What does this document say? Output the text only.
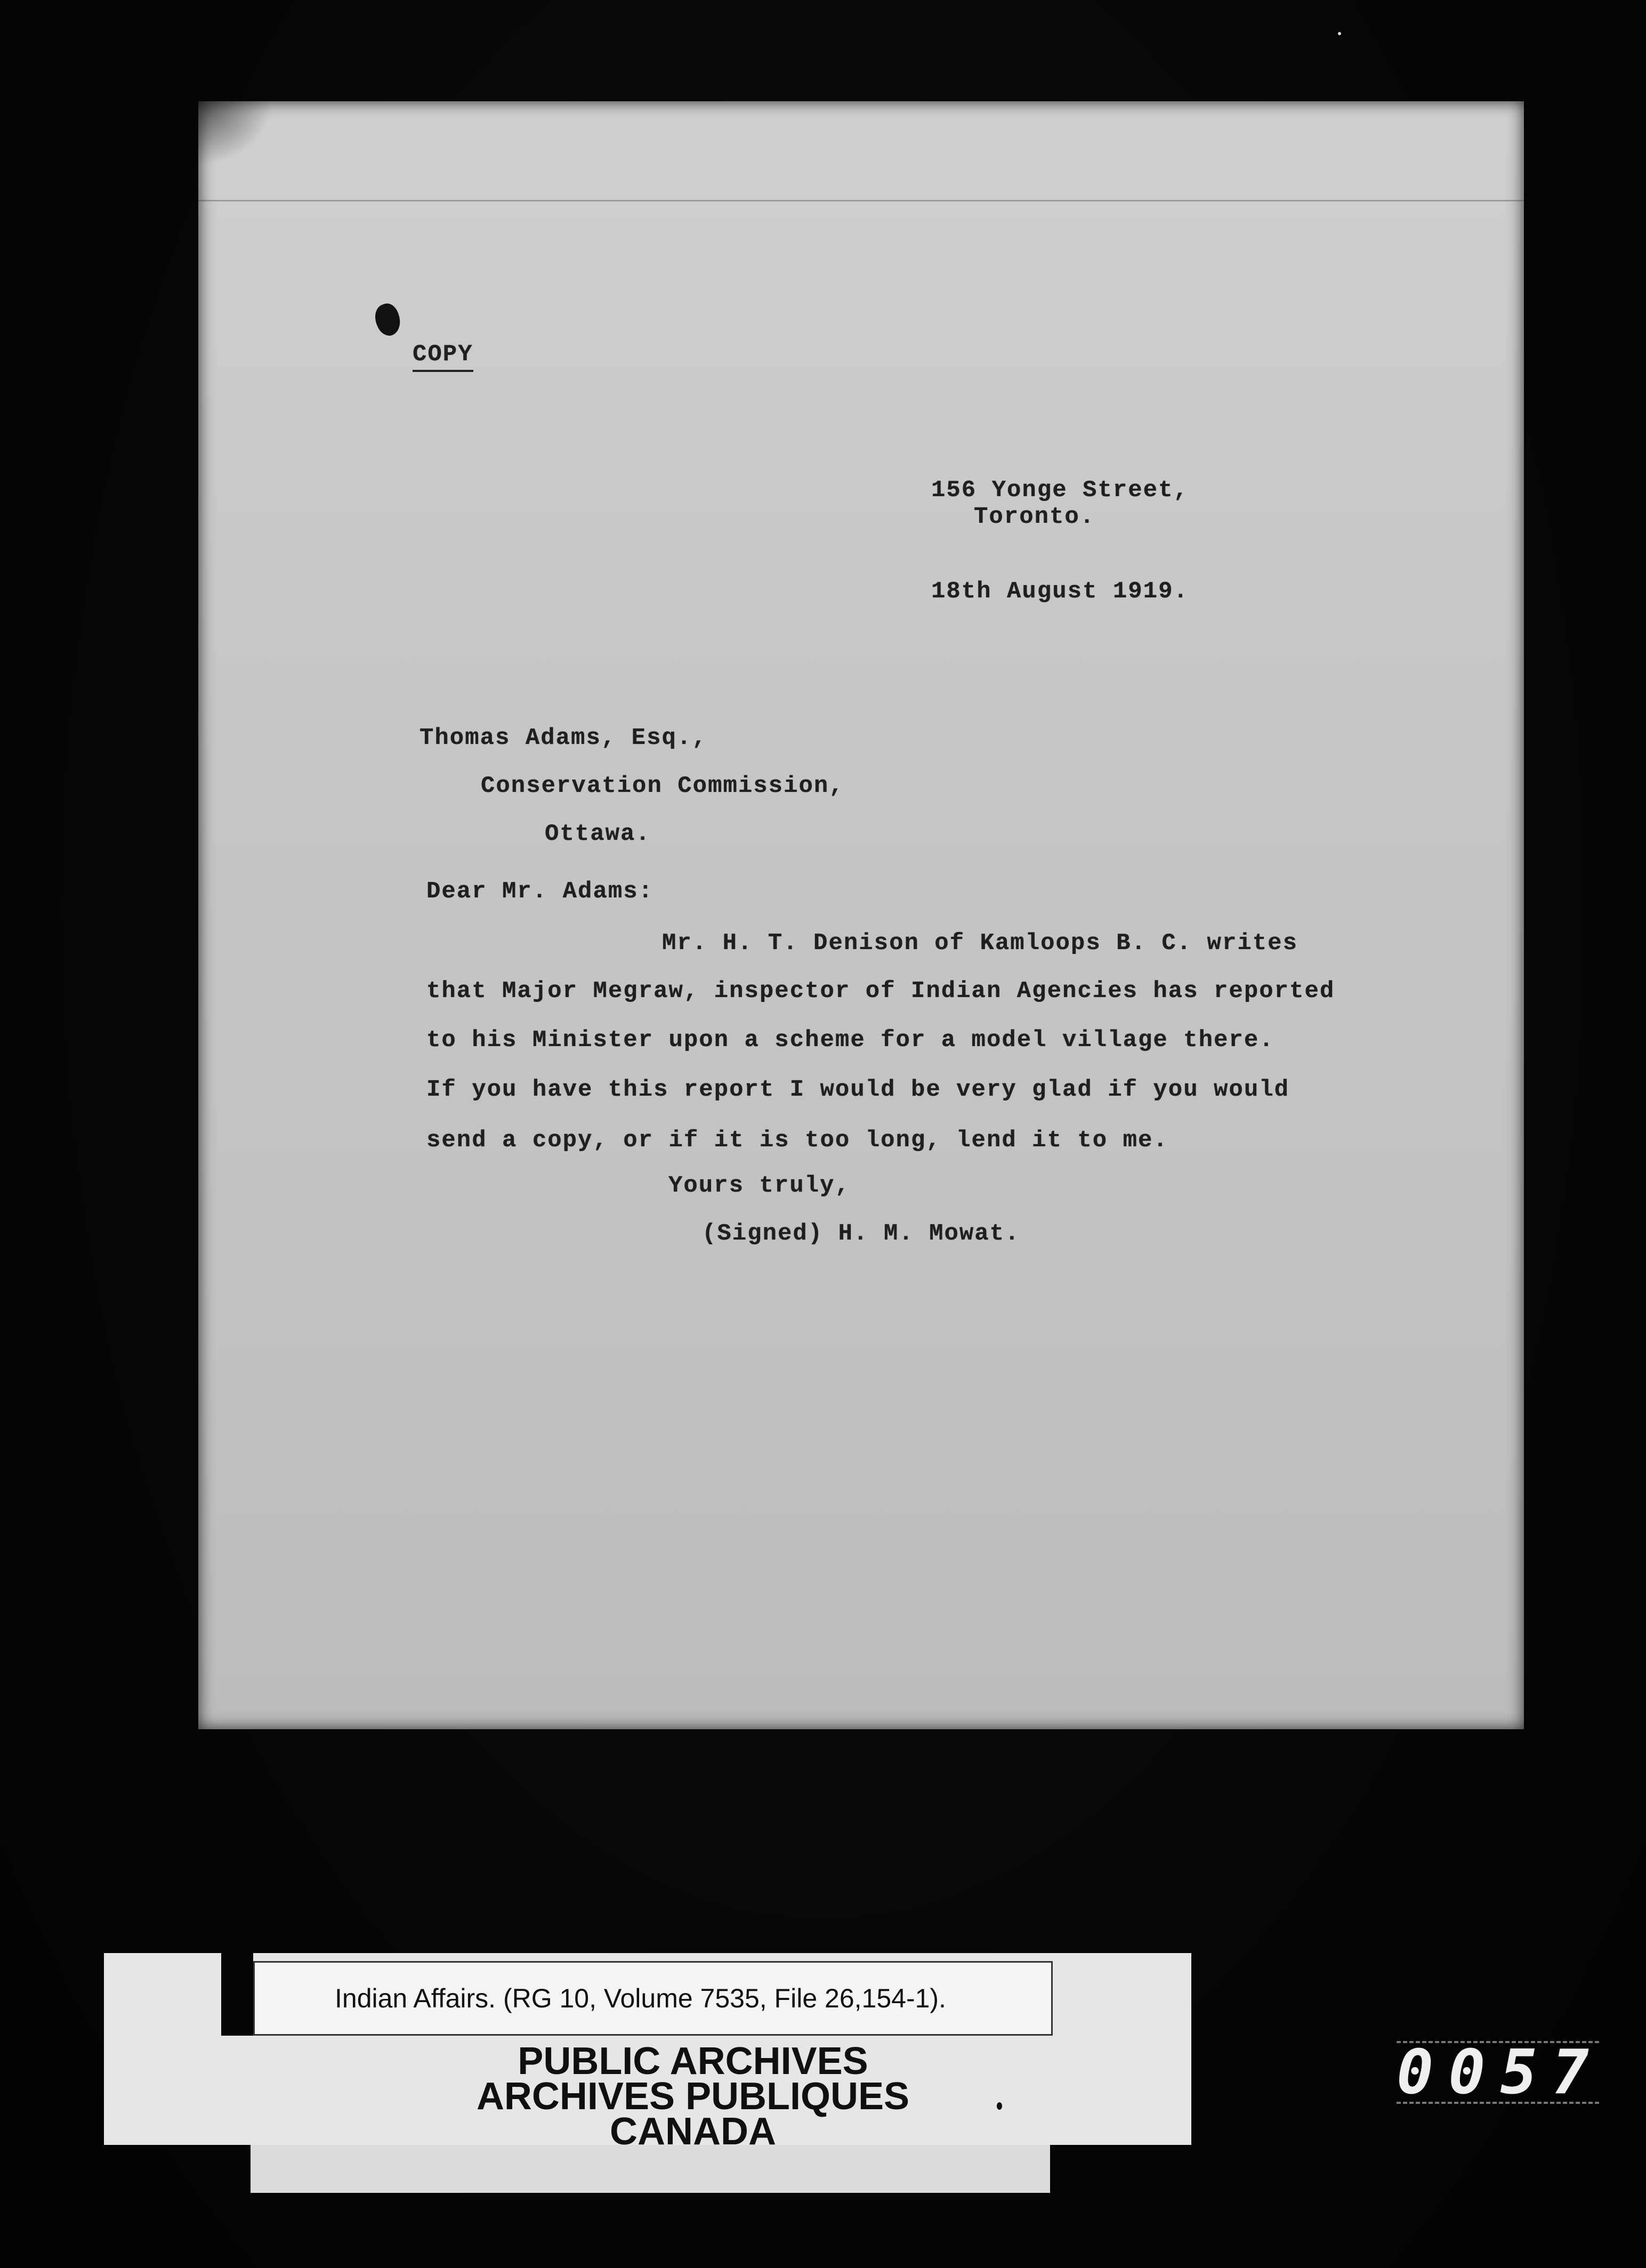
COPY
156 Yonge Street,
Toronto.
18th August 1919.
Thomas Adams, Esq.,
Conservation Commission,
Ottawa.
Dear Mr. Adams:
Mr. H. T. Denison of Kamloops B. C. writes
that Major Megraw, inspector of Indian Agencies has reported
to his Minister upon a scheme for a model village there.
If you have this report I would be very glad if you would
send a copy, or if it is too long, lend it to me.
Yours truly,
(Signed) H. M. Mowat.
Indian Affairs. (RG 10, Volume 7535, File 26,154-1).
PUBLIC ARCHIVES
ARCHIVES PUBLIQUES
CANADA
0057
